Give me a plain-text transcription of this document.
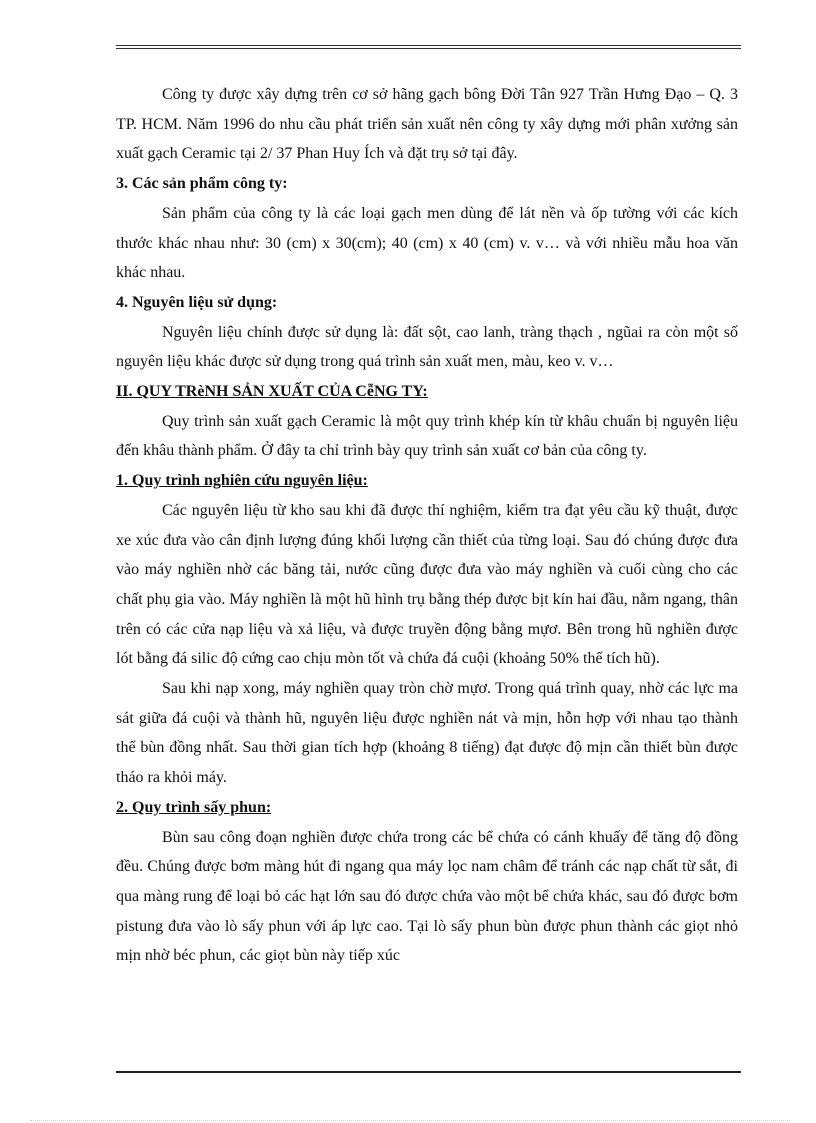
Công ty được xây dựng trên cơ sở hãng gạch bông Đời Tân 927 Trần Hưng Đạo – Q. 3 TP. HCM. Năm 1996 do nhu cầu phát triển sản xuất nên công ty xây dựng mới phân xưởng sản xuất gạch Ceramic tại 2/ 37 Phan Huy Ích và đặt trụ sở tại đây.

3. Các sản phẩm công ty:

Sản phẩm của công ty là các loại gạch men dùng để lát nền và ốp tường với các kích thước khác nhau như: 30 (cm) x 30(cm); 40 (cm) x 40 (cm) v. v… và với nhiều mẫu hoa văn khác nhau.

4. Nguyên liệu sử dụng:

Nguyên liệu chính được sử dụng là: đất sột, cao lanh, tràng thạch , ngũai ra còn một số nguyên liệu khác được sử dụng trong quá trình sản xuất men, màu, keo v. v…

II. QUY TRèNH SẢN XUẤT CỦA CễNG TY:

Quy trình sản xuất gạch Ceramic là một quy trình khép kín từ khâu chuẩn bị nguyên liệu đến khâu thành phẩm. Ở đây ta chỉ trình bày quy trình sản xuất cơ bản của công ty.

1. Quy trình nghiên cứu nguyên liệu:

Các nguyên liệu từ kho sau khi đã được thí nghiệm, kiểm tra đạt yêu cầu kỹ thuật, được xe xúc đưa vào cân định lượng đúng khối lượng cần thiết của từng loại. Sau đó chúng được đưa vào máy nghiền nhờ các băng tải, nước cũng được đưa vào máy nghiền và cuối cùng cho các chất phụ gia vào. Máy nghiền là một hũ hình trụ bằng thép được bịt kín hai đầu, nằm ngang, thân trên có các cửa nạp liệu và xả liệu, và được truyền động bằng mựơ. Bên trong hũ nghiền được lót bằng đá silic độ cứng cao chịu mòn tốt và chứa đá cuội (khoảng 50% thể tích hũ).

Sau khi nạp xong, máy nghiền quay tròn chờ mựơ. Trong quá trình quay, nhờ các lực ma sát giữa đá cuội và thành hũ, nguyên liệu được nghiền nát và mịn, hỗn hợp với nhau tạo thành thể bùn đồng nhất. Sau thời gian tích hợp (khoảng 8 tiếng) đạt được độ mịn cần thiết bùn được tháo ra khỏi máy.

2. Quy trình sấy phun:

Bùn sau công đoạn nghiền được chứa trong các bể chứa có cánh khuấy để tăng độ đồng đều. Chúng được bơm màng hút đi ngang qua máy lọc nam châm để tránh các nạp chất từ sắt, đi qua màng rung để loại bỏ các hạt lớn sau đó được chứa vào một bể chứa khác, sau đó được bơm pistung đưa vào lò sấy phun với áp lực cao. Tại lò sấy phun bùn được phun thành các giọt nhỏ mịn nhờ béc phun, các giọt bùn này tiếp xúc
